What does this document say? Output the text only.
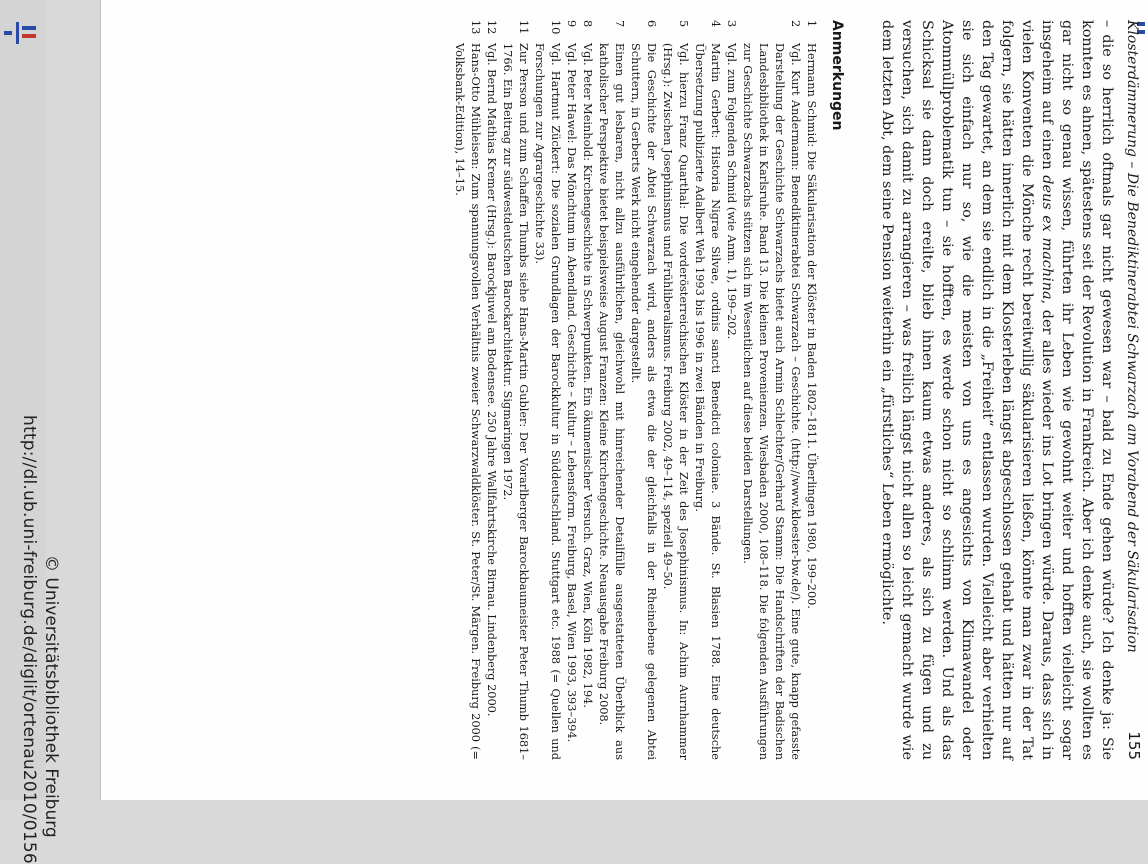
© Universitätsbibliothek Freiburg
http://dl.ub.uni-freiburg.de/diglit/ortenau2010/0156	Klosterdämmerung – Die Benediktinerabtei Schwarzach am Vorabend der Säkularisation
155

– die so herrlich oftmals gar nicht gewesen war – bald zu Ende gehen würde? Ich denke ja: Sie konnten es ahnen, spätestens seit der Revolution in Frankreich. Aber ich denke auch, sie wollten es gar nicht so genau wissen, führten ihr Leben wie gewohnt weiter und hofften vielleicht sogar insgeheim auf einen deus ex machina, der alles wieder ins Lot bringen würde. Daraus, dass sich in vielen Konventen die Mönche recht bereitwillig säkularisieren ließen, könnte man zwar in der Tat folgern, sie hätten innerlich mit dem Klosterleben längst abgeschlossen gehabt und hätten nur auf den Tag gewartet, an dem sie endlich in die „Freiheit“ entlassen wurden. Vielleicht aber verhielten sie sich einfach nur so, wie die meisten von uns es angesichts von Klimawandel oder Atommüllproblematik tun – sie hofften, es werde schon nicht so schlimm werden. Und als das Schicksal sie dann doch ereilte, blieb ihnen kaum etwas anderes, als sich zu fügen und zu versuchen, sich damit zu arrangieren – was freilich längst nicht allen so leicht gemacht wurde wie dem letzten Abt, dem seine Pension weiterhin ein „fürstliches“ Leben ermöglichte.

Anmerkungen
1
Hermann Schmid: Die Säkularisation der Klöster in Baden 1802–1811. Überlingen 1980, 199–200.
2
Vgl. Kurt Andermann: Benediktinerabtei Schwarzach – Geschichte. (http://www.kloester-bw.de/). Eine gute, knapp gefasste Darstellung der Geschichte Schwarzachs bietet auch Armin Schlechter/Gerhard Stamm: Die Handschriften der Badischen Landesbibliothek in Karlsruhe. Band 13. Die kleinen Provenienzen. Wiesbaden 2000, 108–118. Die folgenden Ausführungen zur Geschichte Schwarzachs stützen sich im Wesentlichen auf diese beiden Darstellungen.
3
Vgl. zum Folgenden Schmid (wie Anm. 1), 199–202.
4
Martin Gerbert: Historia Nigrae Silvae, ordinis sancti Benedicti coloniae. 3 Bände. St. Blasien 1788. Eine deutsche Übersetzung publizierte Adalbert Weh 1993 bis 1996 in zwei Bänden in Freiburg.
5
Vgl. hierzu Franz Quarthal: Die vorderösterreichischen Klöster in der Zeit des Josephinismus. In: Achim Aurnhammer (Hrsg.): Zwischen Josephinismus und Frühliberalismus. Freiburg 2002, 49–114, speziell 49–50.
6
Die Geschichte der Abtei Schwarzach wird, anders als etwa die der gleichfalls in der Rheinebene gelegenen Abtei Schuttern, in Gerberts Werk nicht eingehender dargestellt.
7
Einen gut lesbaren, nicht allzu ausführlichen, gleichwohl mit hinreichender Detailfülle ausgestatteten Überblick aus katholischer Perspektive bietet beispielsweise August Franzen: Kleine Kirchengeschichte. Neuausgabe Freiburg 2008.
8
Vgl. Peter Meinhold: Kirchengeschichte in Schwerpunkten. Ein ökumenischer Versuch. Graz, Wien, Köln 1982, 194.
9
Vgl. Peter Hawel: Das Mönchtum im Abendland. Geschichte – Kultur – Lebensform. Freiburg, Basel, Wien 1993, 393–394.
10
Vgl. Hartmut Zückert: Die sozialen Grundlagen der Barockkultur in Süddeutschland. Stuttgart etc. 1988 (= Quellen und Forschungen zur Agrargeschichte 33).
11
Zur Person und zum Schaffen Thumbs siehe Hans-Martin Gubler: Der Vorarlberger Barockbaumeister Peter Thumb 1681–1766. Ein Beitrag zur südwestdeutschen Barockarchitektur. Sigmaringen 1972.
12
Vgl. Bernd Mathias Kremer (Hrsg.): Barockjuwel am Bodensee. 250 Jahre Wallfahrtskirche Birnau. Lindenberg 2000.
13
Hans-Otto Mühleisen: Zum spannungsvollen Verhältnis zweier Schwarzwaldklöster. St. Peter/St. Märgen. Freiburg 2000 (= Volksbank-Edition), 14–15.
